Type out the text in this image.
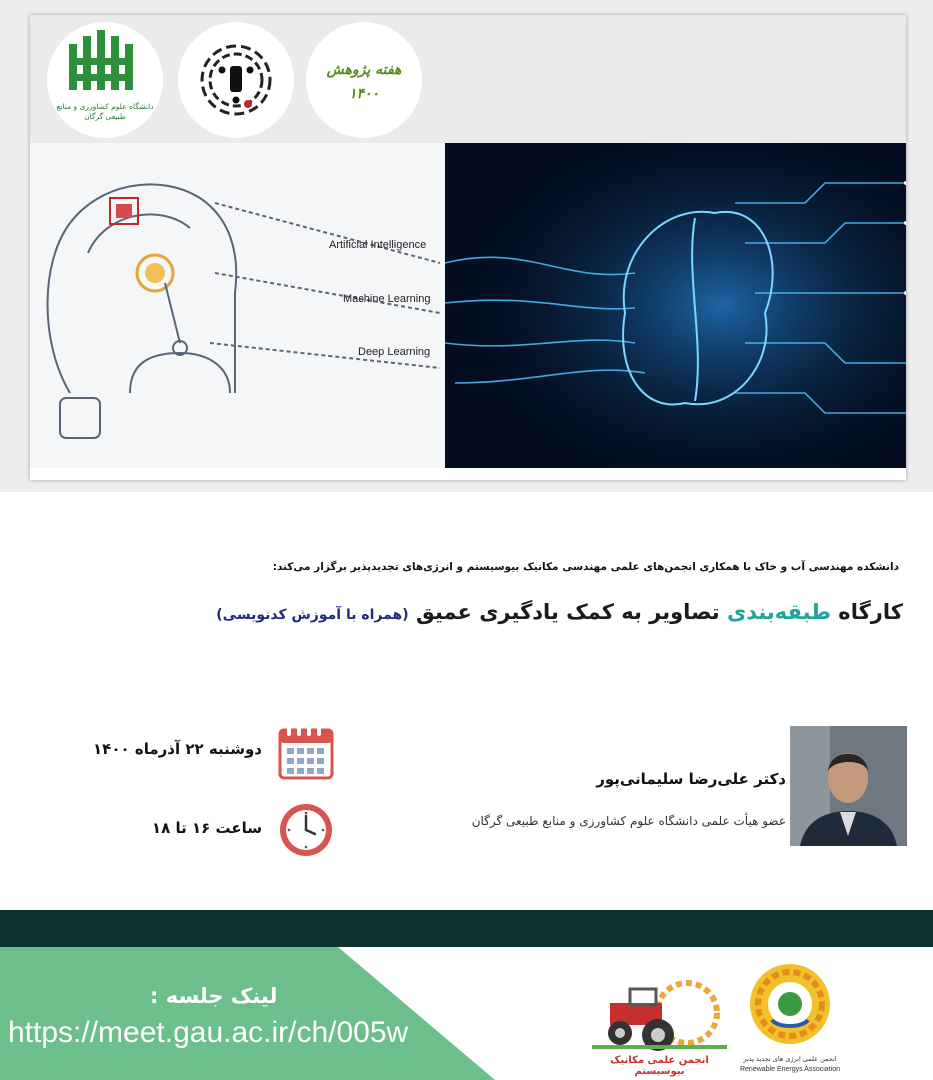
دانشگاه علوم کشاورزی و منابع طبیعی گرگان
هفته پژوهش
۱۴۰۰
Artificial Intelligence
Machine Learning
Deep Learning
دانشکده مهندسی آب و خاک با همکاری انجمن‌های علمی مهندسی مکانیک بیوسیستم و انرژی‌های تجدیدپذیر برگزار می‌کند:
کارگاه طبقه‌بندی تصاویر به کمک یادگیری عمیق (همراه با آموزش کدنویسی)
دکتر علی‌رضا سلیمانی‌پور
عضو هیأت علمی دانشگاه علوم کشاورزی و منابع طبیعی گرگان
دوشنبه ۲۲ آذرماه ۱۴۰۰
ساعت ۱۶ تا ۱۸
لینک جلسه :
https://meet.gau.ac.ir/ch/005w
انجمن علمی مکانیک بیوسیستم
انجمن علمی انرژی های تجدید پذیر
Renewable Energys Association
